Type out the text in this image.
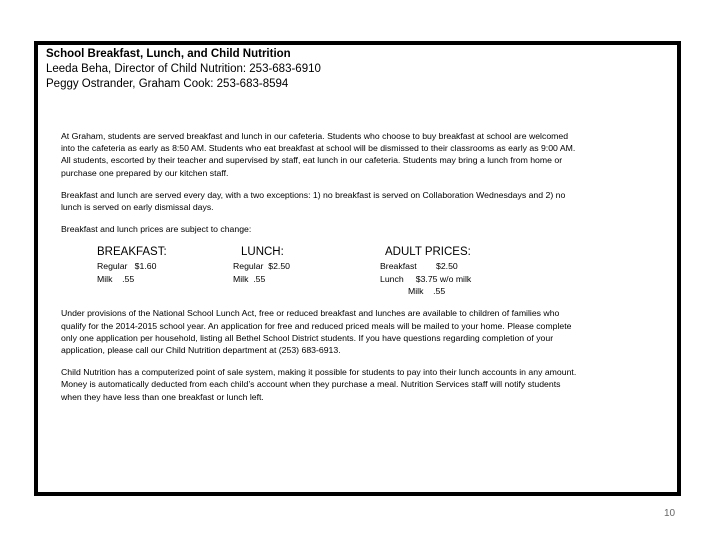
School Breakfast, Lunch, and Child Nutrition
Leeda Beha, Director of Child Nutrition: 253-683-6910
Peggy Ostrander, Graham Cook: 253-683-8594

At Graham, students are served breakfast and lunch in our cafeteria. Students who choose to buy breakfast at school are welcomed
into the cafeteria as early as 8:50 AM. Students who eat breakfast at school will be dismissed to their classrooms as early as 9:00 AM.
All students, escorted by their teacher and supervised by staff, eat lunch in our cafeteria. Students may bring a lunch from home or
purchase one prepared by our kitchen staff.

Breakfast and lunch are served every day, with a two exceptions: 1) no breakfast is served on Collaboration Wednesdays and 2) no
lunch is served on early dismissal days.

Breakfast and lunch prices are subject to change:

BREAKFAST:
Regular   $1.60
Milk    .55
LUNCH:
Regular  $2.50
Milk  .55
ADULT PRICES:
Breakfast        $2.50
Lunch     $3.75 w/o milk
Milk    .55

Under provisions of the National School Lunch Act, free or reduced breakfast and lunches are available to children of families who
qualify for the 2014-2015 school year. An application for free and reduced priced meals will be mailed to your home. Please complete
only one application per household, listing all Bethel School District students. If you have questions regarding completion of your
application, please call our Child Nutrition department at (253) 683-6913.

Child Nutrition has a computerized point of sale system, making it possible for students to pay into their lunch accounts in any amount.
Money is automatically deducted from each child’s account when they purchase a meal. Nutrition Services staff will notify students
when they have less than one breakfast or lunch left.

10
